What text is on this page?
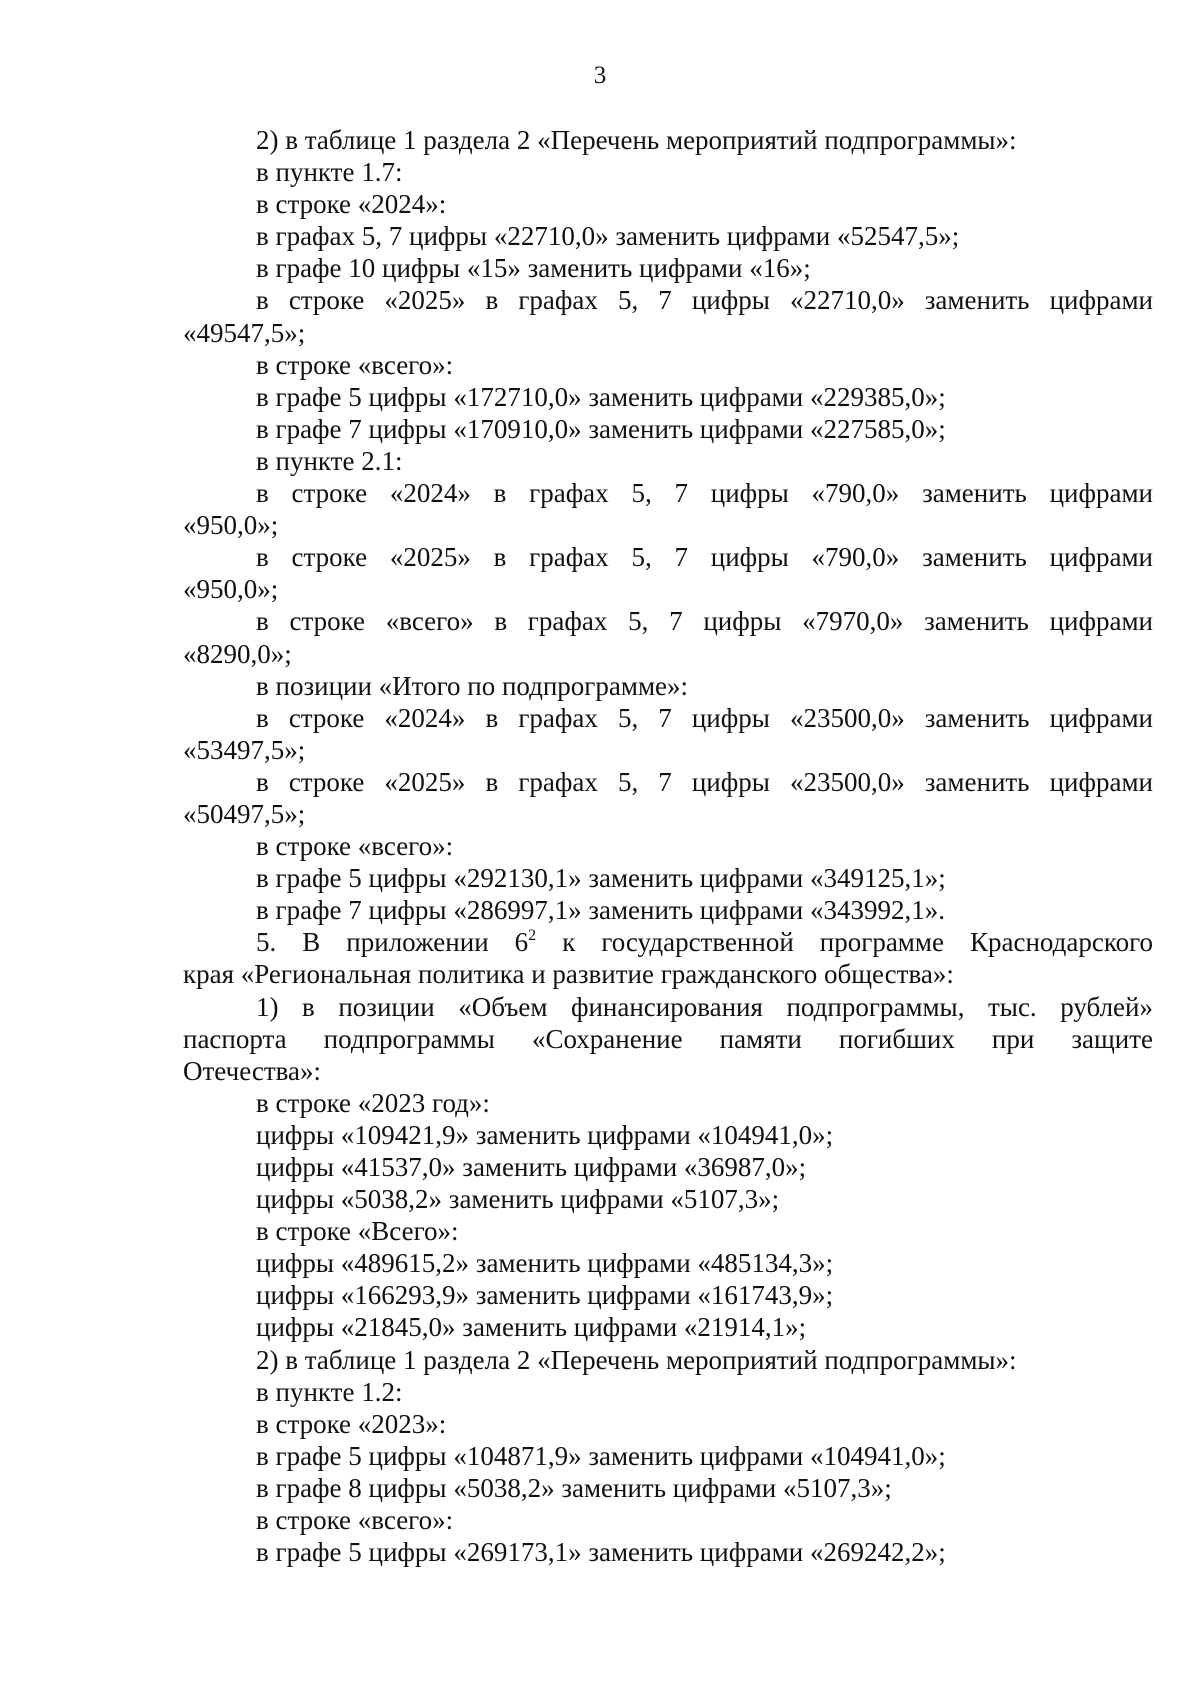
3
2) в таблице 1 раздела 2 «Перечень мероприятий подпрограммы»:
в пункте 1.7:
в строке «2024»:
в графах 5, 7 цифры «22710,0» заменить цифрами «52547,5»;
в графе 10 цифры «15» заменить цифрами «16»;
в строке «2025» в графах 5, 7 цифры «22710,0» заменить цифрами
«49547,5»;
в строке «всего»:
в графе 5 цифры «172710,0» заменить цифрами «229385,0»;
в графе 7 цифры «170910,0» заменить цифрами «227585,0»;
в пункте 2.1:
в строке «2024» в графах 5, 7 цифры «790,0» заменить цифрами
«950,0»;
в строке «2025» в графах 5, 7 цифры «790,0» заменить цифрами
«950,0»;
в строке «всего» в графах 5, 7 цифры «7970,0» заменить цифрами
«8290,0»;
в позиции «Итого по подпрограмме»:
в строке «2024» в графах 5, 7 цифры «23500,0» заменить цифрами
«53497,5»;
в строке «2025» в графах 5, 7 цифры «23500,0» заменить цифрами
«50497,5»;
в строке «всего»:
в графе 5 цифры «292130,1» заменить цифрами «349125,1»;
в графе 7 цифры «286997,1» заменить цифрами «343992,1».
5. В приложении $6^2$ к государственной программе Краснодарского
края «Региональная политика и развитие гражданского общества»:
1) в позиции «Объем финансирования подпрограммы, тыс. рублей»
паспорта подпрограммы «Сохранение памяти погибших при защите
Отечества»:
в строке «2023 год»:
цифры «109421,9» заменить цифрами «104941,0»;
цифры «41537,0» заменить цифрами «36987,0»;
цифры «5038,2» заменить цифрами «5107,3»;
в строке «Всего»:
цифры «489615,2» заменить цифрами «485134,3»;
цифры «166293,9» заменить цифрами «161743,9»;
цифры «21845,0» заменить цифрами «21914,1»;
2) в таблице 1 раздела 2 «Перечень мероприятий подпрограммы»:
в пункте 1.2:
в строке «2023»:
в графе 5 цифры «104871,9» заменить цифрами «104941,0»;
в графе 8 цифры «5038,2» заменить цифрами «5107,3»;
в строке «всего»:
в графе 5 цифры «269173,1» заменить цифрами «269242,2»;
